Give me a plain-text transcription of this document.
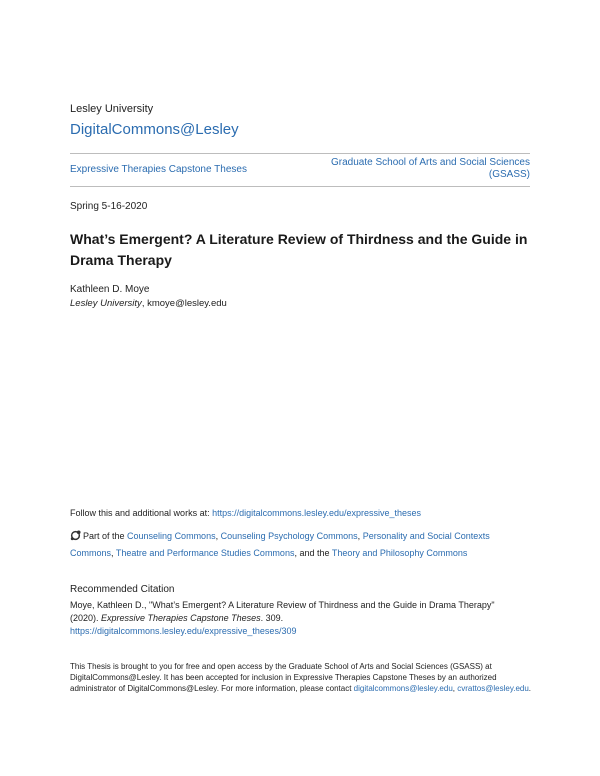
Lesley University
DigitalCommons@Lesley
Expressive Therapies Capstone Theses
Graduate School of Arts and Social Sciences (GSASS)
Spring 5-16-2020
What’s Emergent? A Literature Review of Thirdness and the Guide in Drama Therapy
Kathleen D. Moye
Lesley University, kmoye@lesley.edu
Follow this and additional works at: https://digitalcommons.lesley.edu/expressive_theses
Part of the Counseling Commons, Counseling Psychology Commons, Personality and Social Contexts Commons, Theatre and Performance Studies Commons, and the Theory and Philosophy Commons
Recommended Citation
Moye, Kathleen D., "What’s Emergent? A Literature Review of Thirdness and the Guide in Drama Therapy"
(2020). Expressive Therapies Capstone Theses. 309.
https://digitalcommons.lesley.edu/expressive_theses/309
This Thesis is brought to you for free and open access by the Graduate School of Arts and Social Sciences (GSASS) at DigitalCommons@Lesley. It has been accepted for inclusion in Expressive Therapies Capstone Theses by an authorized administrator of DigitalCommons@Lesley. For more information, please contact digitalcommons@lesley.edu, cvrattos@lesley.edu.
